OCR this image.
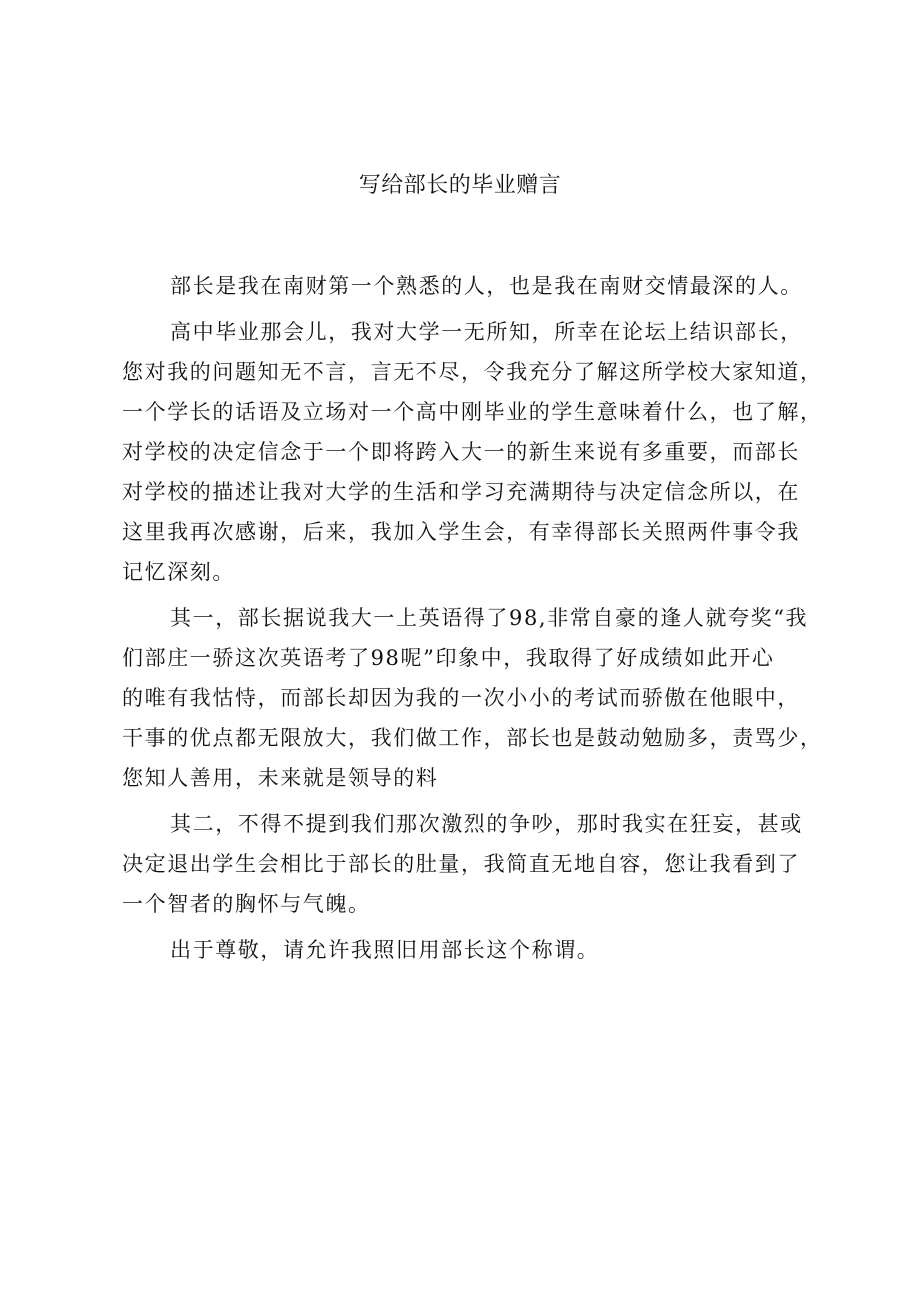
写给部长的毕业赠言

部长是我在南财第一个熟悉的人，也是我在南财交情最深的人。

高中毕业那会儿，我对大学一无所知，所幸在论坛上结识部长，
您对我的问题知无不言，言无不尽，令我充分了解这所学校大家知道，
一个学长的话语及立场对一个高中刚毕业的学生意味着什么，也了解，
对学校的决定信念于一个即将跨入大一的新生来说有多重要，而部长
对学校的描述让我对大学的生活和学习充满期待与决定信念所以，在
这里我再次感谢，后来，我加入学生会，有幸得部长关照两件事令我
记忆深刻。

其一，部长据说我大一上英语得了98,非常自豪的逢人就夸奖“我
们部庄一骄这次英语考了98呢”印象中，我取得了好成绩如此开心
的唯有我怙恃，而部长却因为我的一次小小的考试而骄傲在他眼中，
干事的优点都无限放大，我们做工作，部长也是鼓动勉励多，责骂少，
您知人善用，未来就是领导的料

其二，不得不提到我们那次激烈的争吵，那时我实在狂妄，甚或
决定退出学生会相比于部长的肚量，我简直无地自容，您让我看到了
一个智者的胸怀与气魄。

出于尊敬，请允许我照旧用部长这个称谓。
